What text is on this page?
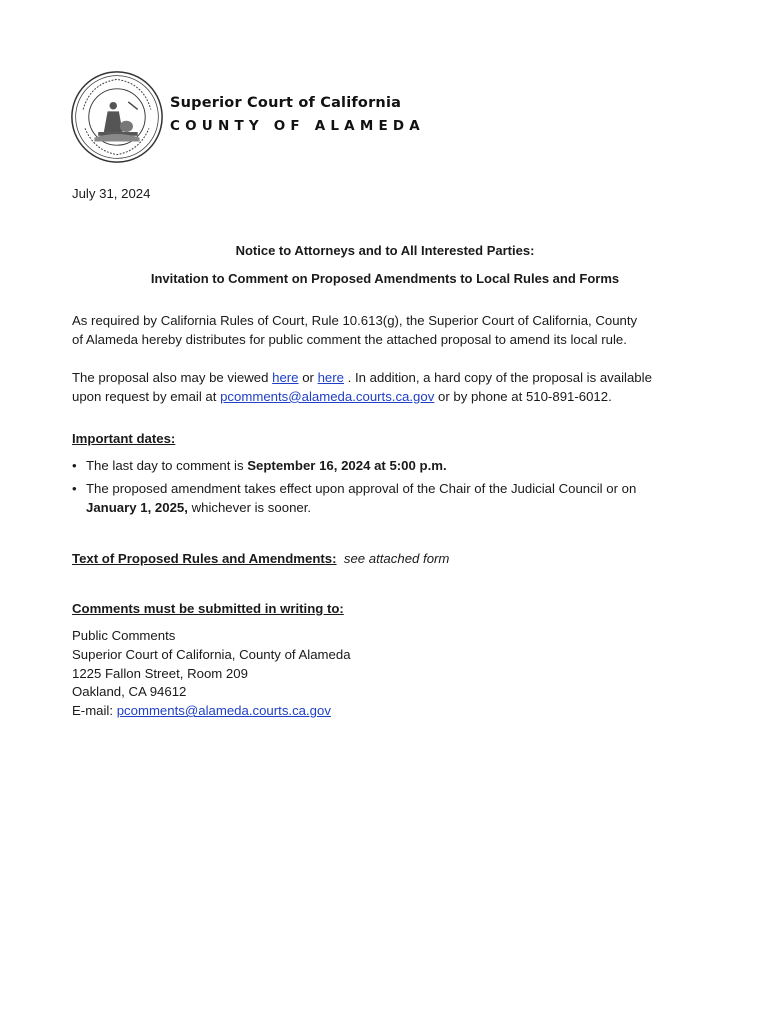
Superior Court of California
COUNTY OF ALAMEDA
July 31, 2024
Notice to Attorneys and to All Interested Parties:
Invitation to Comment on Proposed Amendments to Local Rules and Forms
As required by California Rules of Court, Rule 10.613(g), the Superior Court of California, County
of Alameda hereby distributes for public comment the attached proposal to amend its local rule.
The proposal also may be viewed here or here . In addition, a hard copy of the proposal is available
upon request by email at pcomments@alameda.courts.ca.gov or by phone at 510-891-6012.
Important dates:
• The last day to comment is September 16, 2024 at 5:00 p.m.
• The proposed amendment takes effect upon approval of the Chair of the Judicial Council or on
January 1, 2025, whichever is sooner.
Text of Proposed Rules and Amendments: see attached form
Comments must be submitted in writing to:
Public Comments
Superior Court of California, County of Alameda
1225 Fallon Street, Room 209
Oakland, CA 94612
E-mail: pcomments@alameda.courts.ca.gov
